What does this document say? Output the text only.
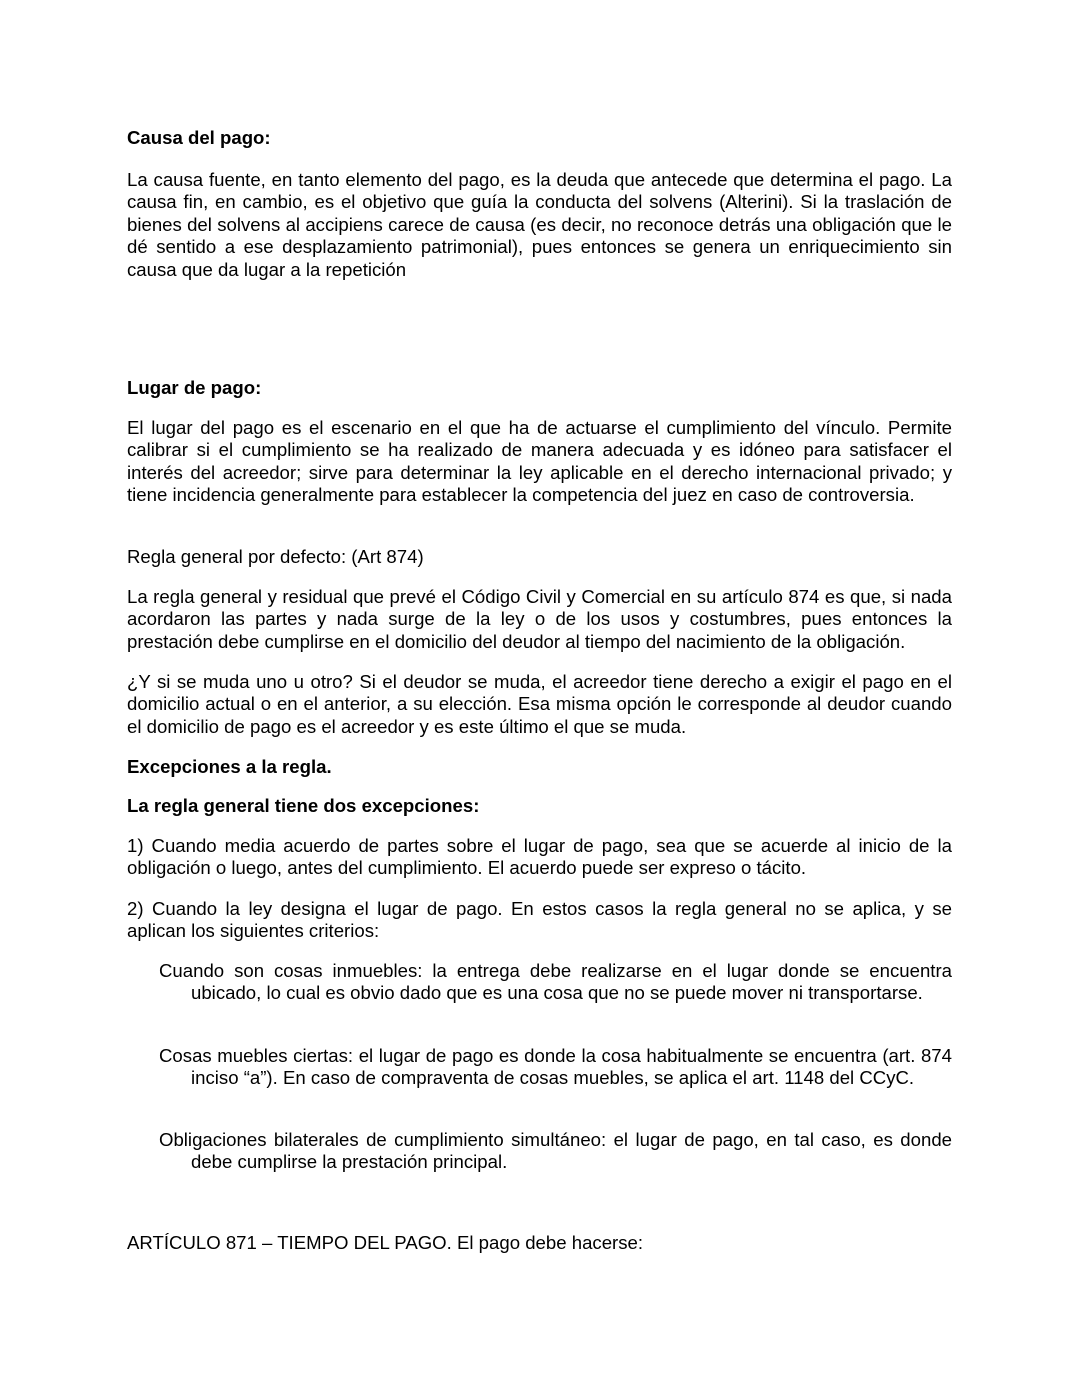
Causa del pago:
La causa fuente, en tanto elemento del pago, es la deuda que antecede que determina el pago. La causa fin, en cambio, es el objetivo que guía la conducta del solvens (Alterini). Si la traslación de bienes del solvens al accipiens carece de causa (es decir, no reconoce detrás una obligación que le dé sentido a ese desplazamiento patrimonial), pues entonces se genera un enriquecimiento sin causa que da lugar a la repetición
Lugar de pago:
El lugar del pago es el escenario en el que ha de actuarse el cumplimiento del vínculo. Permite calibrar si el cumplimiento se ha realizado de manera adecuada y es idóneo para satisfacer el interés del acreedor; sirve para determinar la ley aplicable en el derecho internacional privado; y tiene incidencia generalmente para establecer la competencia del juez en caso de controversia.
Regla general por defecto: (Art 874)
La regla general y residual que prevé el Código Civil y Comercial en su artículo 874 es que, si nada acordaron las partes y nada surge de la ley o de los usos y costumbres, pues entonces la prestación debe cumplirse en el domicilio del deudor al tiempo del nacimiento de la obligación.
¿Y si se muda uno u otro? Si el deudor se muda, el acreedor tiene derecho a exigir el pago en el domicilio actual o en el anterior, a su elección. Esa misma opción le corresponde al deudor cuando el domicilio de pago es el acreedor y es este último el que se muda.
Excepciones a la regla.
La regla general tiene dos excepciones:
1) Cuando media acuerdo de partes sobre el lugar de pago, sea que se acuerde al inicio de la obligación o luego, antes del cumplimiento. El acuerdo puede ser expreso o tácito.
2) Cuando la ley designa el lugar de pago. En estos casos la regla general no se aplica, y se aplican los siguientes criterios:
Cuando son cosas inmuebles: la entrega debe realizarse en el lugar donde se encuentra ubicado, lo cual es obvio dado que es una cosa que no se puede mover ni transportarse.
Cosas muebles ciertas: el lugar de pago es donde la cosa habitualmente se encuentra (art. 874 inciso “a”). En caso de compraventa de cosas muebles, se aplica el art. 1148 del CCyC.
Obligaciones bilaterales de cumplimiento simultáneo: el lugar de pago, en tal caso, es donde debe cumplirse la prestación principal.
ARTÍCULO 871 – TIEMPO DEL PAGO. El pago debe hacerse:
